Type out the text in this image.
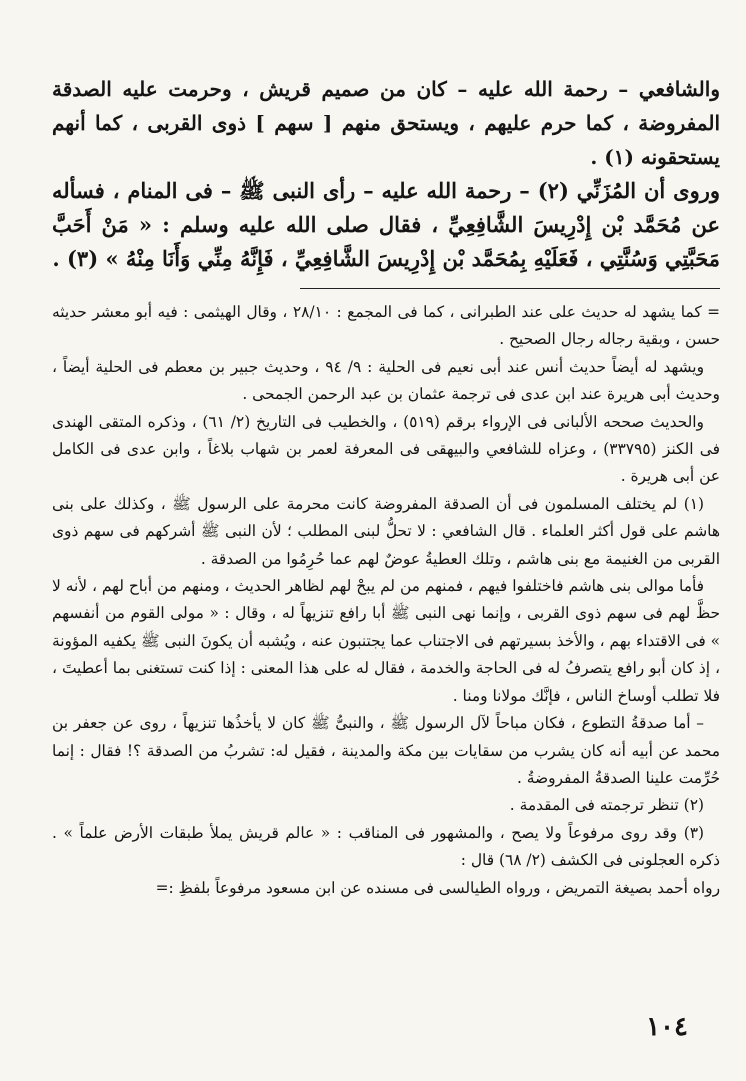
والشافعي – رحمة الله عليه – كان من صميم قريش ، وحرمت عليه الصدقة المفروضة ، كما حرم عليهم ، ويستحق منهم [ سهم ] ذوى القربى ، كما أنهم يستحقونه (١) .

وروى أن المُزَنِّي (٢) – رحمة الله عليه – رأى النبى ﷺ – فى المنام ، فسأله عن مُحَمَّد بْن إِدْرِيسَ الشَّافِعِيِّ ، فقال صلى الله عليه وسلم : « مَنْ أَحَبَّ مَحَبَّتِي وَسُنَّتِي ، فَعَلَيْهِ بِمُحَمَّد بْن إِدْرِيسَ الشَّافِعِيِّ ، فَإِنَّهُ مِنِّي وَأَنَا مِنْهُ » (٣) .

= كما يشهد له حديث على عند الطبرانى ، كما فى المجمع : ٢٨/١٠ ، وقال الهيثمى : فيه أبو معشر حديثه حسن ، وبقية رجاله رجال الصحيح .

ويشهد له أيضاً حديث أنس عند أبى نعيم فى الحلية : ٩/ ٩٤ ، وحديث جبير بن معطم فى الحلية أيضاً ، وحديث أبى هريرة عند ابن عدى فى ترجمة عثمان بن عبد الرحمن الجمحى .

والحديث صححه الألبانى فى الإرواء برقم (٥١٩) ، والخطيب فى التاريخ (٢/ ٦١) ، وذكره المتقى الهندى فى الكنز (٣٣٧٩٥) ، وعزاه للشافعي والبيهقى فى المعرفة لعمر بن شهاب بلاغاً ، وابن عدى فى الكامل عن أبى هريرة .

(١) لم يختلف المسلمون فى أن الصدقة المفروضة كانت محرمة على الرسول ﷺ ، وكذلك على بنى هاشم على قول أكثر العلماء . قال الشافعي : لا تحلُّ لبنى المطلب ؛ لأن النبى ﷺ أشركهم فى سهم ذوى القربى من الغنيمة مع بنى هاشم ، وتلك العطيةُ عوضٌ لهم عما حُرِمُوا من الصدقة .

فأما موالى بنى هاشم فاختلفوا فيهم ، فمنهم من لم يبحْ لهم لظاهر الحديث ، ومنهم من أباح لهم ، لأنه لا حظَّ لهم فى سهم ذوى القربى ، وإنما نهى النبى ﷺ أبا رافع تنزيهاً له ، وقال : « مولى القوم من أنفسهم » فى الاقتداء بهم ، والأخذ بسيرتهم فى الاجتناب عما يجتنبون عنه ، ويُشبه أن يكونَ النبى ﷺ يكفيه المؤونة ، إذ كان أبو رافع يتصرفُ له فى الحاجة والخدمة ، فقال له على هذا المعنى : إذا كنت تستغنى بما أعطيتَ ، فلا تطلب أوساخ الناس ، فإنَّك مولانا ومنا .

– أما صدقةُ التطوع ، فكان مباحاً لآل الرسول ﷺ ، والنبىُّ ﷺ كان لا يأخذُها تنزيهاً ، روى عن جعفر بن محمد عن أبيه أنه كان يشرب من سقايات بين مكة والمدينة ، فقيل له: تشربُ من الصدقة ؟! فقال : إنما حُرِّمت علينا الصدقةُ المفروضةُ .

(٢) تنظر ترجمته فى المقدمة .

(٣) وقد روى مرفوعاً ولا يصح ، والمشهور فى المناقب : « عالم قريش يملأ طبقات الأرض علماً » . ذكره العجلونى فى الكشف (٢/ ٦٨) قال :

رواه أحمد بصيغة التمريض ، ورواه الطيالسى فى مسنده عن ابن مسعود مرفوعاً بلفظِ :=

١٠٤
